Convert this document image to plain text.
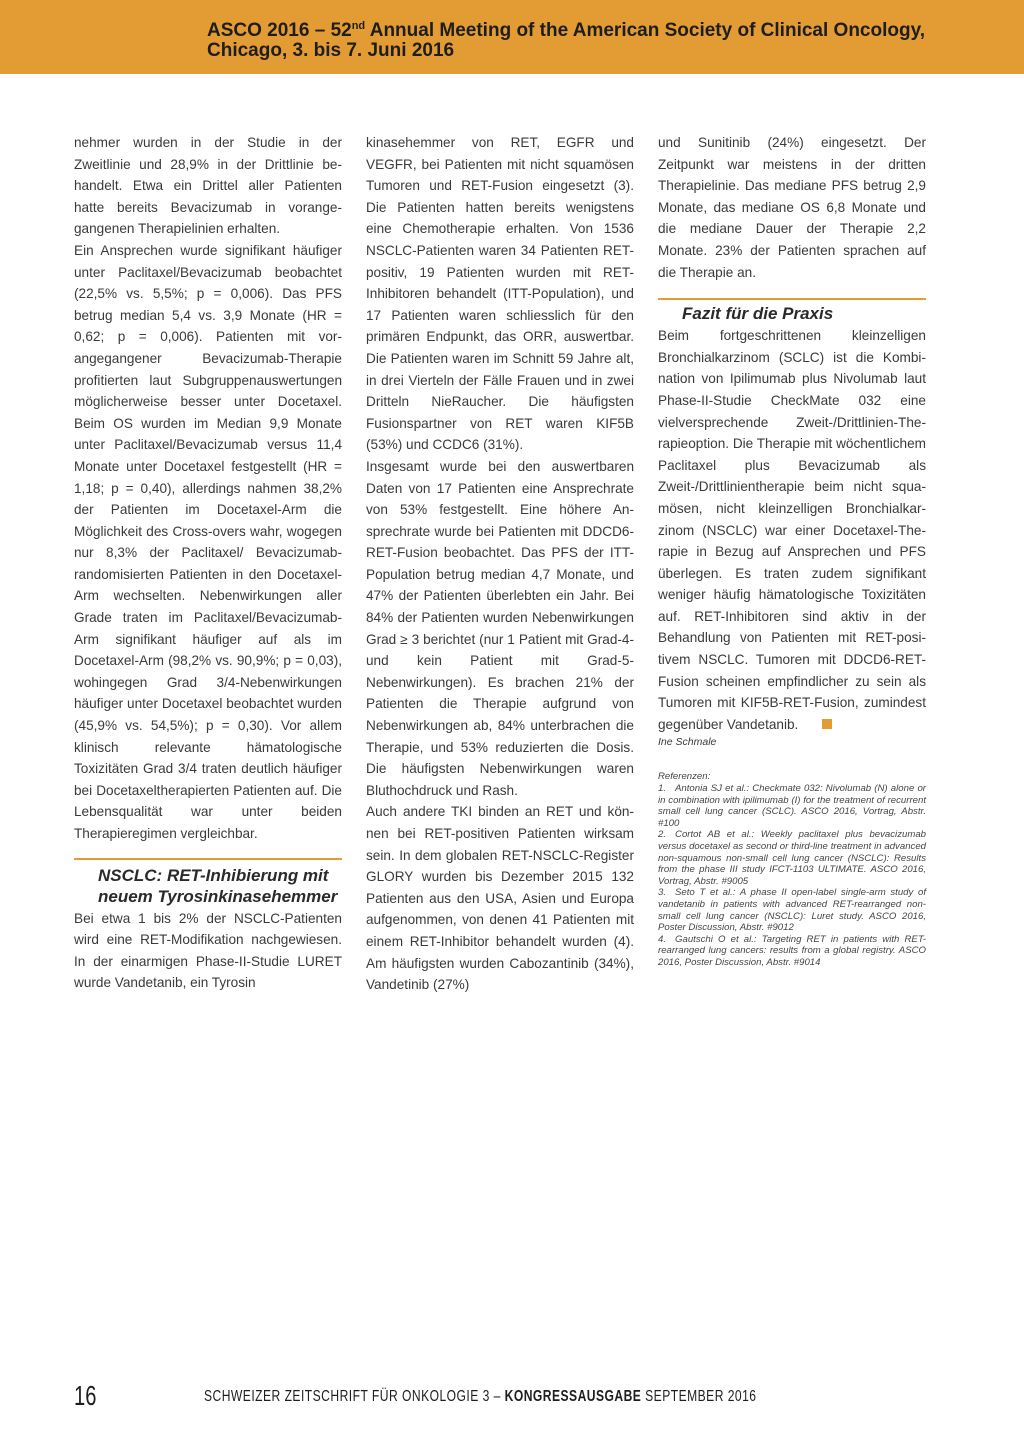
ASCO 2016 – 52nd Annual Meeting of the American Society of Clinical Oncology, Chicago, 3. bis 7. Juni 2016

nehmer wurden in der Studie in der Zweitlinie und 28,9% in der Drittlinie behandelt. Etwa ein Drittel aller Patienten hatte bereits Bevacizumab in vorangegangenen Therapielinien erhalten.

Ein Ansprechen wurde signifikant häufiger unter Paclitaxel/Bevacizumab beobachtet (22,5% vs. 5,5%; p = 0,006). Das PFS betrug median 5,4 vs. 3,9 Monate (HR = 0,62; p = 0,006). Patienten mit vorangegangener Bevacizumab-Therapie profitierten laut Subgruppenauswertungen möglicherweise besser unter Docetaxel. Beim OS wurden im Median 9,9 Monate unter Paclitaxel/Bevacizumab versus 11,4 Monate unter Docetaxel festgestellt (HR = 1,18; p = 0,40), allerdings nahmen 38,2% der Patienten im Docetaxel-Arm die Möglichkeit des Cross-overs wahr, wogegen nur 8,3% der Paclitaxel/ Bevacizumab-randomisierten Patienten in den Docetaxel-Arm wechselten. Nebenwirkungen aller Grade traten im Paclitaxel/Bevacizumab-Arm signifikant häufiger auf als im Docetaxel-Arm (98,2% vs. 90,9%; p = 0,03), wohingegen Grad 3/4-Nebenwirkungen häufiger unter Docetaxel beobachtet wurden (45,9% vs. 54,5%); p = 0,30). Vor allem klinisch relevante hämatologische Toxizitäten Grad 3/4 traten deutlich häufiger bei Docetaxeltherapierten Patienten auf. Die Lebensqualität war unter beiden Therapieregimen vergleichbar.

NSCLC: RET-Inhibierung mit neuem Tyrosinkinasehemmer

Bei etwa 1 bis 2% der NSCLC-Patienten wird eine RET-Modifikation nachgewiesen. In der einarmigen Phase-II-Studie LURET wurde Vandetanib, ein Tyrosin

kinasehemmer von RET, EGFR und VEGFR, bei Patienten mit nicht squamösen Tumoren und RET-Fusion eingesetzt (3). Die Patienten hatten bereits wenigstens eine Chemotherapie erhalten. Von 1536 NSCLC-Patienten waren 34 Patienten RET-positiv, 19 Patienten wurden mit RET-Inhibitoren behandelt (ITT-Population), und 17 Patienten waren schliesslich für den primären Endpunkt, das ORR, auswertbar. Die Patienten waren im Schnitt 59 Jahre alt, in drei Vierteln der Fälle Frauen und in zwei Dritteln NieRaucher. Die häufigsten Fusionspartner von RET waren KIF5B (53%) und CCDC6 (31%).

Insgesamt wurde bei den auswertbaren Daten von 17 Patienten eine Ansprechrate von 53% festgestellt. Eine höhere Ansprechrate wurde bei Patienten mit DDCD6-RET-Fusion beobachtet. Das PFS der ITT-Population betrug median 4,7 Monate, und 47% der Patienten überlebten ein Jahr. Bei 84% der Patienten wurden Nebenwirkungen Grad ≥ 3 berichtet (nur 1 Patient mit Grad-4- und kein Patient mit Grad-5-Nebenwirkungen). Es brachen 21% der Patienten die Therapie aufgrund von Nebenwirkungen ab, 84% unterbrachen die Therapie, und 53% reduzierten die Dosis. Die häufigsten Nebenwirkungen waren Bluthochdruck und Rash.

Auch andere TKI binden an RET und können bei RET-positiven Patienten wirksam sein. In dem globalen RET-NSCLC-Register GLORY wurden bis Dezember 2015 132 Patienten aus den USA, Asien und Europa aufgenommen, von denen 41 Patienten mit einem RET-Inhibitor behandelt wurden (4). Am häufigsten wurden Cabozantinib (34%), Vandetinib (27%)

und Sunitinib (24%) eingesetzt. Der Zeitpunkt war meistens in der dritten Therapielinie. Das mediane PFS betrug 2,9 Monate, das mediane OS 6,8 Monate und die mediane Dauer der Therapie 2,2 Monate. 23% der Patienten sprachen auf die Therapie an.

Fazit für die Praxis

Beim fortgeschrittenen kleinzelligen Bronchialkarzinom (SCLC) ist die Kombination von Ipilimumab plus Nivolumab laut Phase-II-Studie CheckMate 032 eine vielversprechende Zweit-/Drittlinien-Therapieoption. Die Therapie mit wöchentlichem Paclitaxel plus Bevacizumab als Zweit-/Drittlinientherapie beim nicht squamösen, nicht kleinzelligen Bronchialkarzinom (NSCLC) war einer Docetaxel-Therapie in Bezug auf Ansprechen und PFS überlegen. Es traten zudem signifikant weniger häufig hämatologische Toxizitäten auf. RET-Inhibitoren sind aktiv in der Behandlung von Patienten mit RET-positivem NSCLC. Tumoren mit DDCD6-RET-Fusion scheinen empfindlicher zu sein als Tumoren mit KIF5B-RET-Fusion, zumindest gegenüber Vandetanib.

Ine Schmale

Referenzen:

1. Antonia SJ et al.: Checkmate 032: Nivolumab (N) alone or in combination with ipilimumab (I) for the treatment of recurrent small cell lung cancer (SCLC). ASCO 2016, Vortrag, Abstr. #100

2. Cortot AB et al.: Weekly paclitaxel plus bevacizumab versus docetaxel as second or third-line treatment in advanced non-squamous non-small cell lung cancer (NSCLC): Results from the phase III study IFCT-1103 ULTIMATE. ASCO 2016, Vortrag, Abstr. #9005

3. Seto T et al.: A phase II open-label single-arm study of vandetanib in patients with advanced RET-rearranged non-small cell lung cancer (NSCLC): Luret study. ASCO 2016, Poster Discussion, Abstr. #9012

4. Gautschi O et al.: Targeting RET in patients with RET-rearranged lung cancers: results from a global registry. ASCO 2016, Poster Discussion, Abstr. #9014

16	SCHWEIZER ZEITSCHRIFT FÜR ONKOLOGIE 3 – KONGRESSAUSGABE SEPTEMBER 2016
